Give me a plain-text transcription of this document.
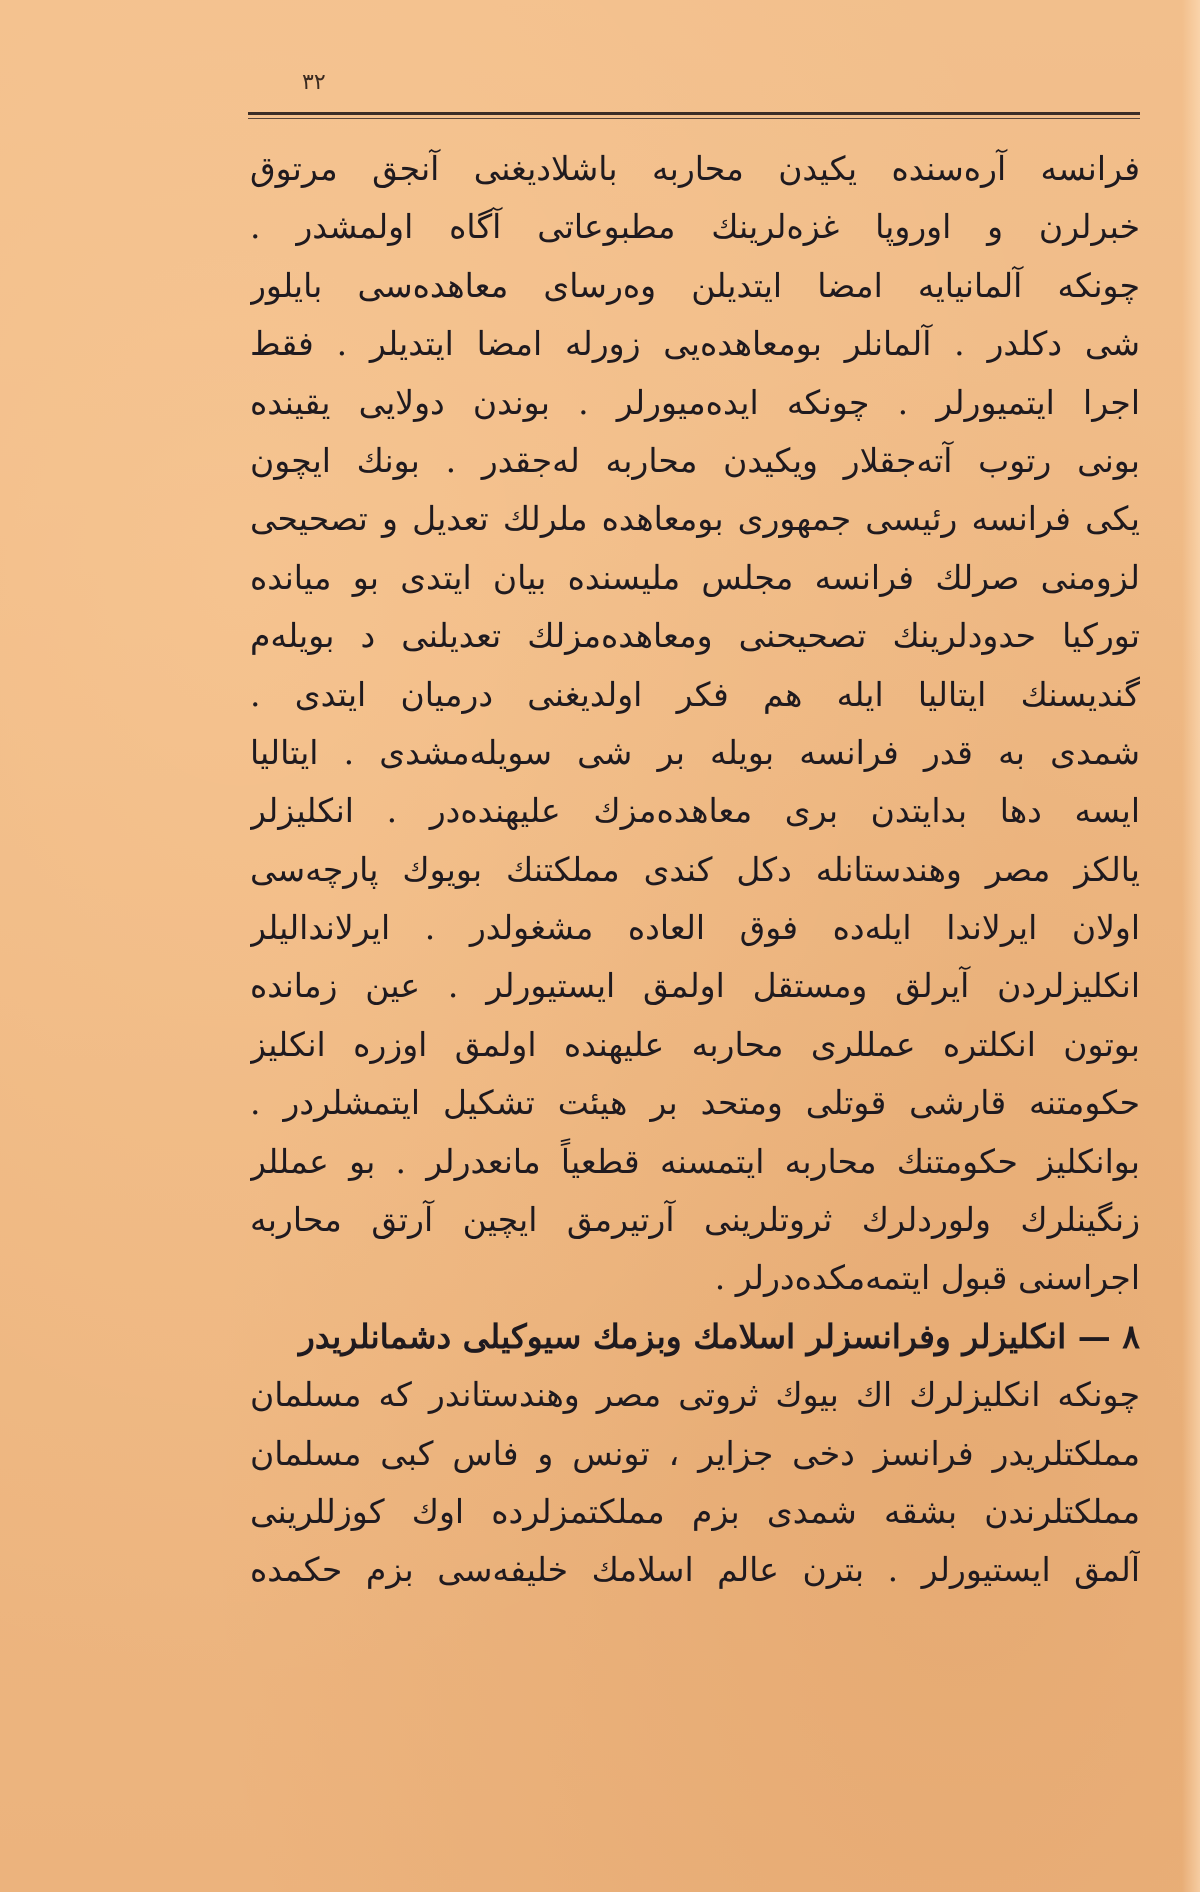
٣٢
فرانسه آرەسندە يكيدن محاربه باشلادیغنی آنجق مرتوق
خبرلرن و اوروپا غزەلرینك مطبوعاتی آگاه اولمشدر .
چونكه آلمانیایه امضا ایتدیلن وەرسای معاهدەسی بایلور
شی دكلدر . آلمانلر بومعاهدەیی زورله امضا ایتدیلر . فقط
اجرا ایتمیورلر . چونكه ایدەمیورلر . بوندن دولایی یقینده
بونی رتوب آتەجقلار ویكیدن محاربه لەجقدر . بونك ایچون
یكی فرانسه رئیسی جمهوری بومعاهده ملرلك تعدیل و تصحیحی
لزومنی صرلك فرانسه مجلس ملیسنده بیان ایتدی بو میانده
تورکیا حدودلرینك تصحیحنی ومعاهدەمزلك تعدیلنی د بویلەم
گندیسنك ایتالیا ایله هم فكر اولدیغنی درمیان ایتدی .
شمدی به قدر فرانسه بویله بر شی سویلەمشدی . ایتالیا
ایسه دها بدایتدن بری معاهدەمزك علیهندەدر . انكلیزلر
یالكز مصر وهندستانله دكل كندی مملكتنك بویوك پارچەسی
اولان ایرلاندا ایلەده فوق العاده مشغولدر . ایرلاندالیلر
انكلیزلردن آیرلق ومستقل اولمق ایستیورلر . عین زمانده
بوتون انكلتره عمللری محاربه علیهنده اولمق اوزره انكلیز
حكومتنه قارشی قوتلی ومتحد بر هیئت تشكیل ایتمشلردر .
بوانكلیز حكومتنك محاربه ایتمسنه قطعیاً مانعدرلر . بو عمللر
زنگینلرك ولوردلرك ثروتلرینی آرتیرمق ایچین آرتق محاربه
اجراسنی قبول ایتمەمكدەدرلر .
٨ — انكلیزلر وفرانسزلر اسلامك وبزمك سیوكیلی دشمانلریدر
چونكه انكلیزلرك اك بیوك ثروتی مصر وهندستاندر كه مسلمان
مملكتلریدر فرانسز دخی جزایر ، تونس و فاس كبی مسلمان
مملكتلرندن بشقه شمدی بزم مملكتمزلرده اوك كوزللرینی
آلمق ایستیورلر . بترن عالم اسلامك خلیفەسی بزم حكمده
